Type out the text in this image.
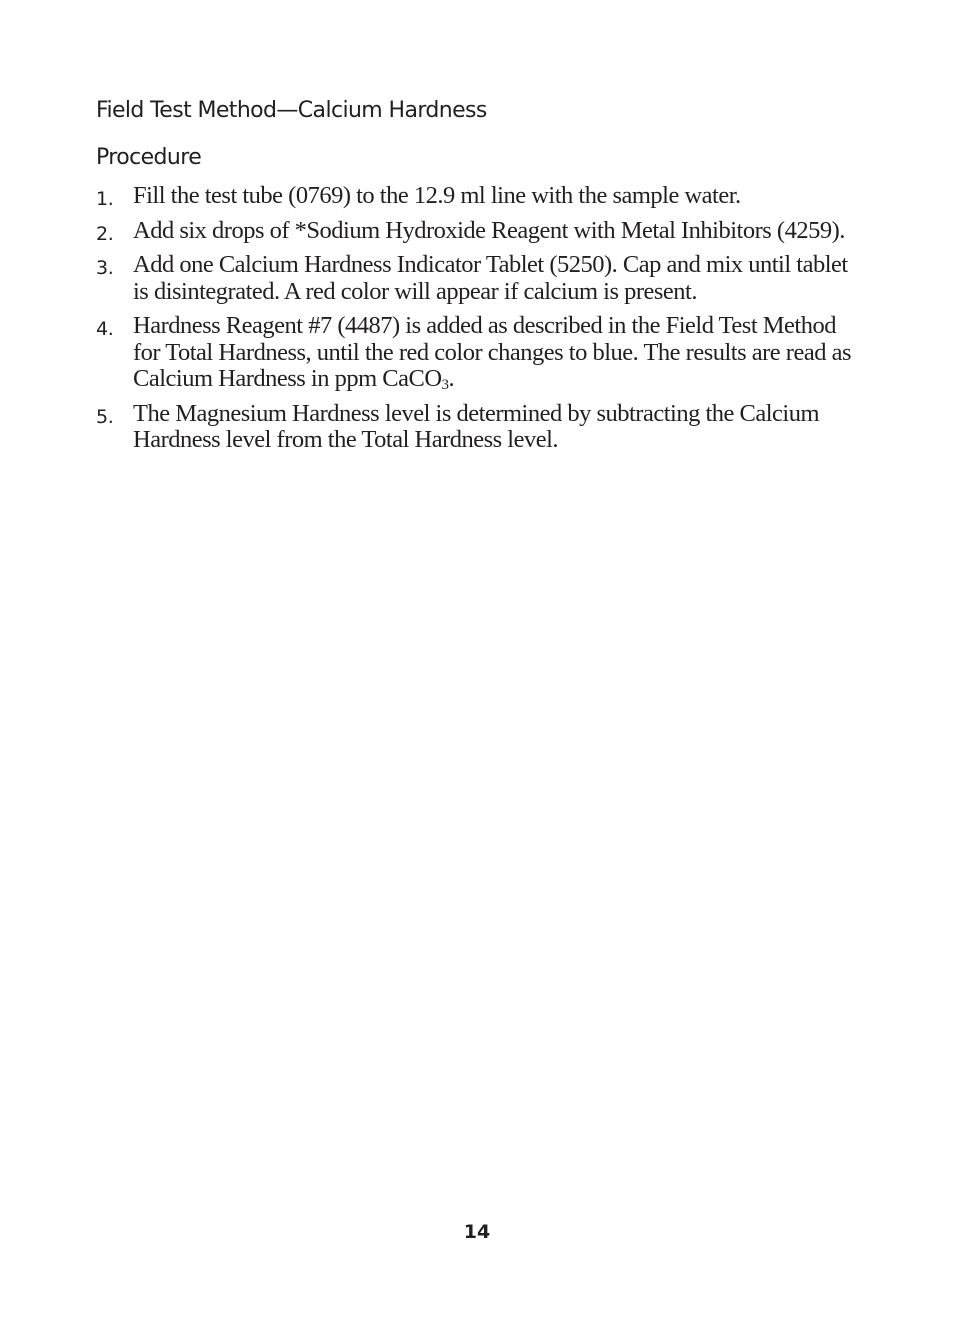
Field Test Method—Calcium Hardness
Procedure
1. Fill the test tube (0769) to the 12.9 ml line with the sample water.
2. Add six drops of *Sodium Hydroxide Reagent with Metal Inhibitors (4259).
3. Add one Calcium Hardness Indicator Tablet (5250). Cap and mix until tablet is disintegrated. A red color will appear if calcium is present.
4. Hardness Reagent #7 (4487) is added as described in the Field Test Method for Total Hardness, until the red color changes to blue. The results are read as Calcium Hardness in ppm CaCO$_3$.
5. The Magnesium Hardness level is determined by subtracting the Calcium Hardness level from the Total Hardness level.
14
